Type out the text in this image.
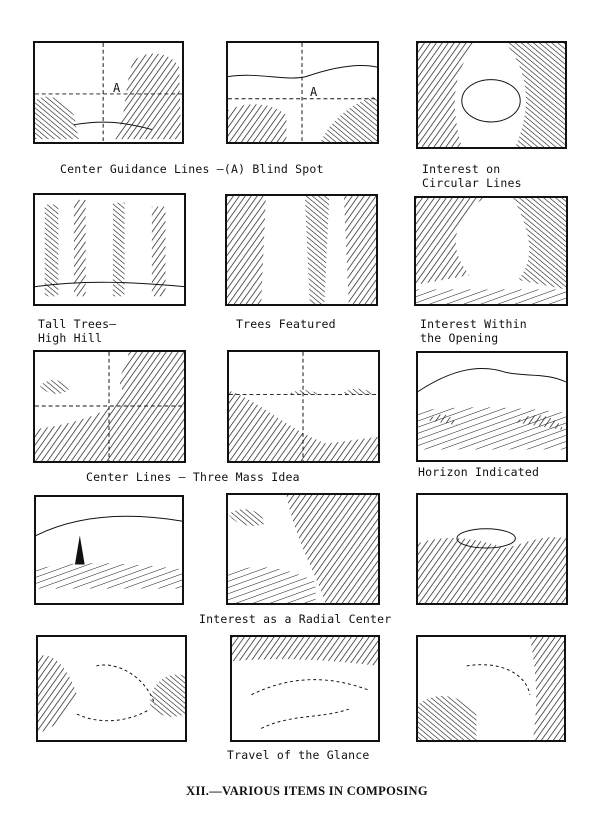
A	A
Center Guidance Lines —(A) Blind Spot	Interest on
Circular Lines
Tall Trees—
High Hill
Trees Featured	Interest Within
the Opening
Center Lines — Three Mass Idea	Horizon Indicated
Interest as a Radial Center
Travel of the Glance
XII.—VARIOUS ITEMS IN COMPOSING
